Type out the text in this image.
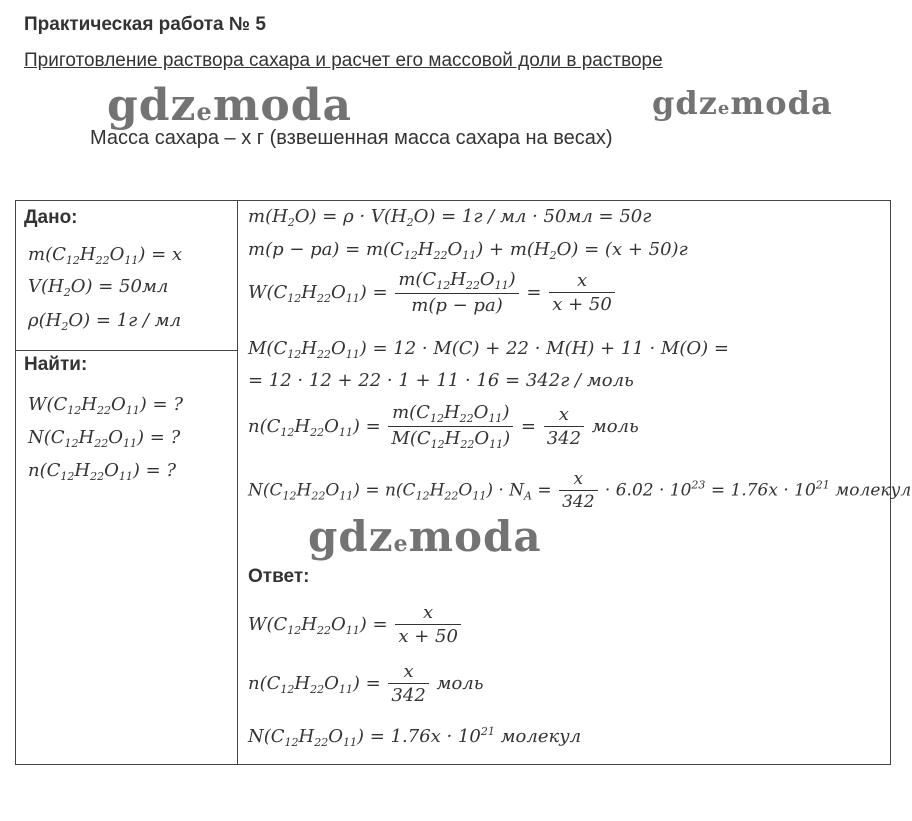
Практическая работа № 5
Приготовление раствора сахара и расчет его массовой доли в растворе
Масса сахара – х г (взвешенная масса сахара на весах)
gdzemoda	gdzemoda
Дано:
$m(C_{12}H_{22}O_{11}) = x$
$V(H_2O) = 50мл$
$\rho(H_2O) = 1г$ / мл
Найти:
$W(C_{12}H_{22}O_{11})$ = ?
$N(C_{12}H_{22}O_{11})$ = ?
$n(C_{12}H_{22}O_{11})$ = ?
$m(H_2O) = \rho \cdot V(H_2O) = 1г$ / мл · 50мл = 50г
$m(p - pa) = m(C_{12}H_{22}O_{11}) + m(H_2O) = (x + 50)г$
$W(C_{12}H_{22}O_{11}) = \frac{m(C_{12}H_{22}O_{11})}{m(p - pa)} = \frac{x}{x + 50}$
$M(C_{12}H_{22}O_{11}) = 12 \cdot M(C) + 22 \cdot M(H) + 11 \cdot M(O)$ =
= 12 · 12 + 22 · 1 + 11 · 16 = 342г / моль
$n(C_{12}H_{22}O_{11}) = \frac{m(C_{12}H_{22}O_{11})}{M(C_{12}H_{22}O_{11})} = \frac{x}{342}$ моль
$N(C_{12}H_{22}O_{11}) = n(C_{12}H_{22}O_{11}) \cdot N_A = \frac{x}{342} \cdot 6.02 \cdot 10^{23} = 1.76x \cdot 10^{21}$ молекул
Ответ:
$W(C_{12}H_{22}O_{11}) = \frac{x}{x + 50}$
$n(C_{12}H_{22}O_{11}) = \frac{x}{342}$ моль
$N(C_{12}H_{22}O_{11}) = 1.76x \cdot 10^{21}$ молекул
gdzemoda
